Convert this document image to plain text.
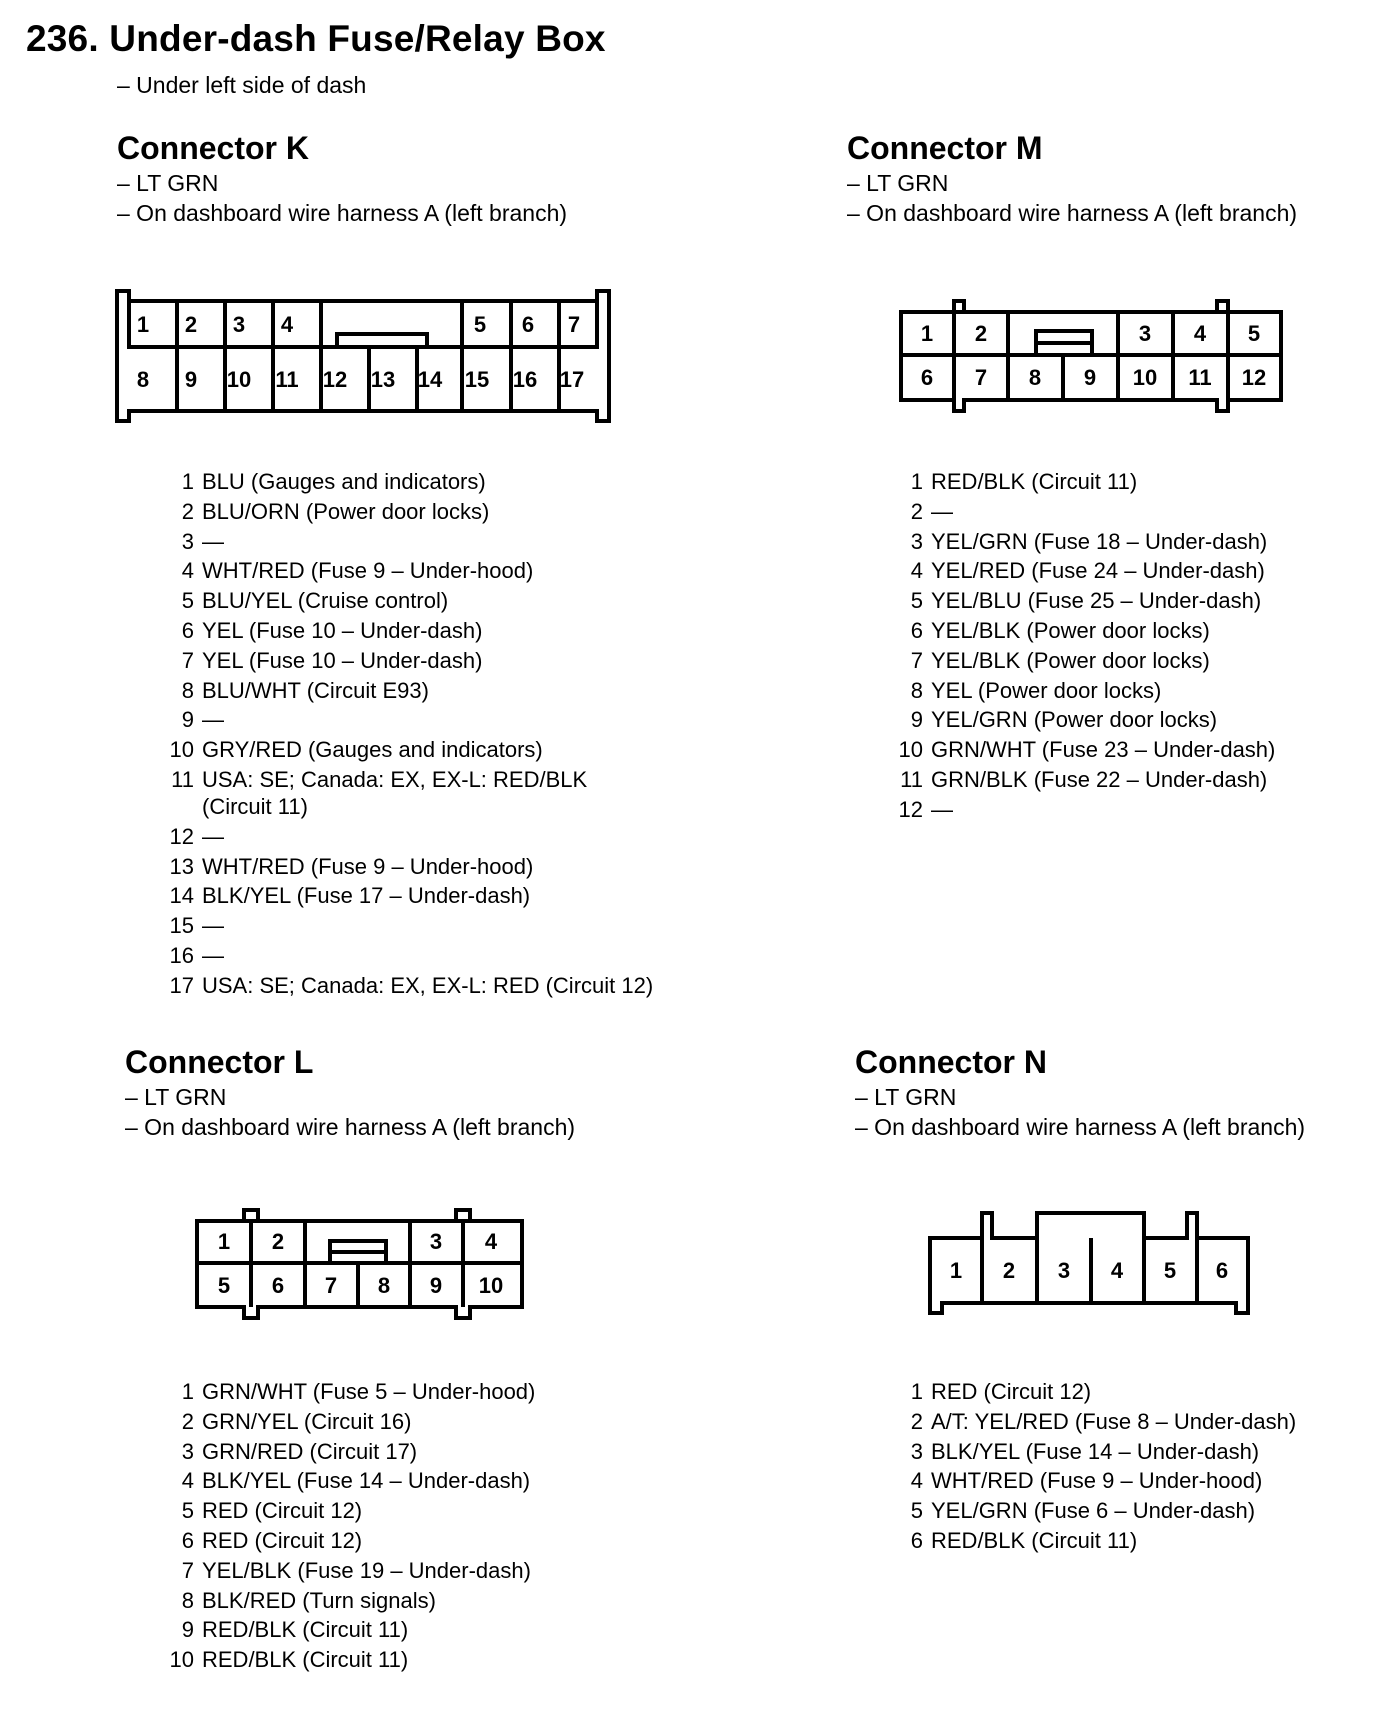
236. Under-dash Fuse/Relay Box
– Under left side of dash
Connector K
– LT GRN
– On dashboard wire harness A (left branch)
1 2 3 4	5 6 7
8 9 10 11 12 13 14 15 16 17
1 BLU (Gauges and indicators)
2 BLU/ORN (Power door locks)
3 —
4 WHT/RED (Fuse 9 – Under-hood)
5 BLU/YEL (Cruise control)
6 YEL (Fuse 10 – Under-dash)
7 YEL (Fuse 10 – Under-dash)
8 BLU/WHT (Circuit E93)
9 —
10 GRY/RED (Gauges and indicators)
11 USA: SE; Canada: EX, EX-L: RED/BLK (Circuit 11)
12 —
13 WHT/RED (Fuse 9 – Under-hood)
14 BLK/YEL (Fuse 17 – Under-dash)
15 —
16 —
17 USA: SE; Canada: EX, EX-L: RED (Circuit 12)
Connector M
– LT GRN
– On dashboard wire harness A (left branch)
1 2	3 4 5
6 7 8 9 10 11 12
1 RED/BLK (Circuit 11)
2 —
3 YEL/GRN (Fuse 18 – Under-dash)
4 YEL/RED (Fuse 24 – Under-dash)
5 YEL/BLU (Fuse 25 – Under-dash)
6 YEL/BLK (Power door locks)
7 YEL/BLK (Power door locks)
8 YEL (Power door locks)
9 YEL/GRN (Power door locks)
10 GRN/WHT (Fuse 23 – Under-dash)
11 GRN/BLK (Fuse 22 – Under-dash)
12 —
Connector L
– LT GRN
– On dashboard wire harness A (left branch)
1 2	3 4
5 6 7 8 9 10
1 GRN/WHT (Fuse 5 – Under-hood)
2 GRN/YEL (Circuit 16)
3 GRN/RED (Circuit 17)
4 BLK/YEL (Fuse 14 – Under-dash)
5 RED (Circuit 12)
6 RED (Circuit 12)
7 YEL/BLK (Fuse 19 – Under-dash)
8 BLK/RED (Turn signals)
9 RED/BLK (Circuit 11)
10 RED/BLK (Circuit 11)
Connector N
– LT GRN
– On dashboard wire harness A (left branch)
1 2 3 4 5 6
1 RED (Circuit 12)
2 A/T: YEL/RED (Fuse 8 – Under-dash)
3 BLK/YEL (Fuse 14 – Under-dash)
4 WHT/RED (Fuse 9 – Under-hood)
5 YEL/GRN (Fuse 6 – Under-dash)
6 RED/BLK (Circuit 11)
